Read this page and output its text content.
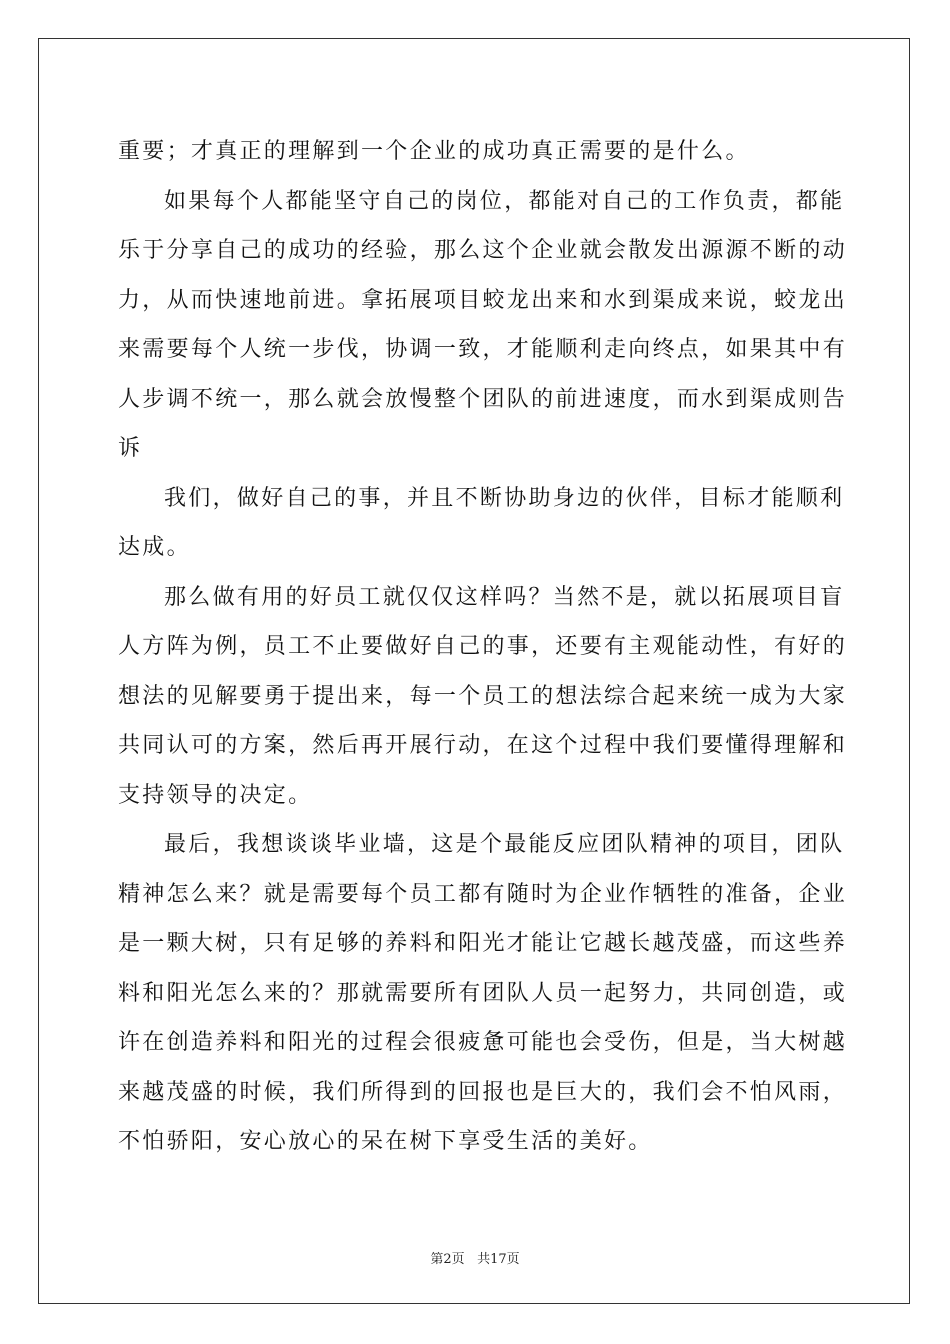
重要；才真正的理解到一个企业的成功真正需要的是什么。
如果每个人都能坚守自己的岗位，都能对自己的工作负责，都能
乐于分享自己的成功的经验，那么这个企业就会散发出源源不断的动
力，从而快速地前进。拿拓展项目蛟龙出来和水到渠成来说，蛟龙出
来需要每个人统一步伐，协调一致，才能顺利走向终点，如果其中有
人步调不统一，那么就会放慢整个团队的前进速度，而水到渠成则告
诉
我们，做好自己的事，并且不断协助身边的伙伴，目标才能顺利
达成。
那么做有用的好员工就仅仅这样吗？当然不是，就以拓展项目盲
人方阵为例，员工不止要做好自己的事，还要有主观能动性，有好的
想法的见解要勇于提出来，每一个员工的想法综合起来统一成为大家
共同认可的方案，然后再开展行动，在这个过程中我们要懂得理解和
支持领导的决定。
最后，我想谈谈毕业墙，这是个最能反应团队精神的项目，团队
精神怎么来？就是需要每个员工都有随时为企业作牺牲的准备，企业
是一颗大树，只有足够的养料和阳光才能让它越长越茂盛，而这些养
料和阳光怎么来的？那就需要所有团队人员一起努力，共同创造，或
许在创造养料和阳光的过程会很疲惫可能也会受伤，但是，当大树越
来越茂盛的时候，我们所得到的回报也是巨大的，我们会不怕风雨，
不怕骄阳，安心放心的呆在树下享受生活的美好。
第2页 共17页
